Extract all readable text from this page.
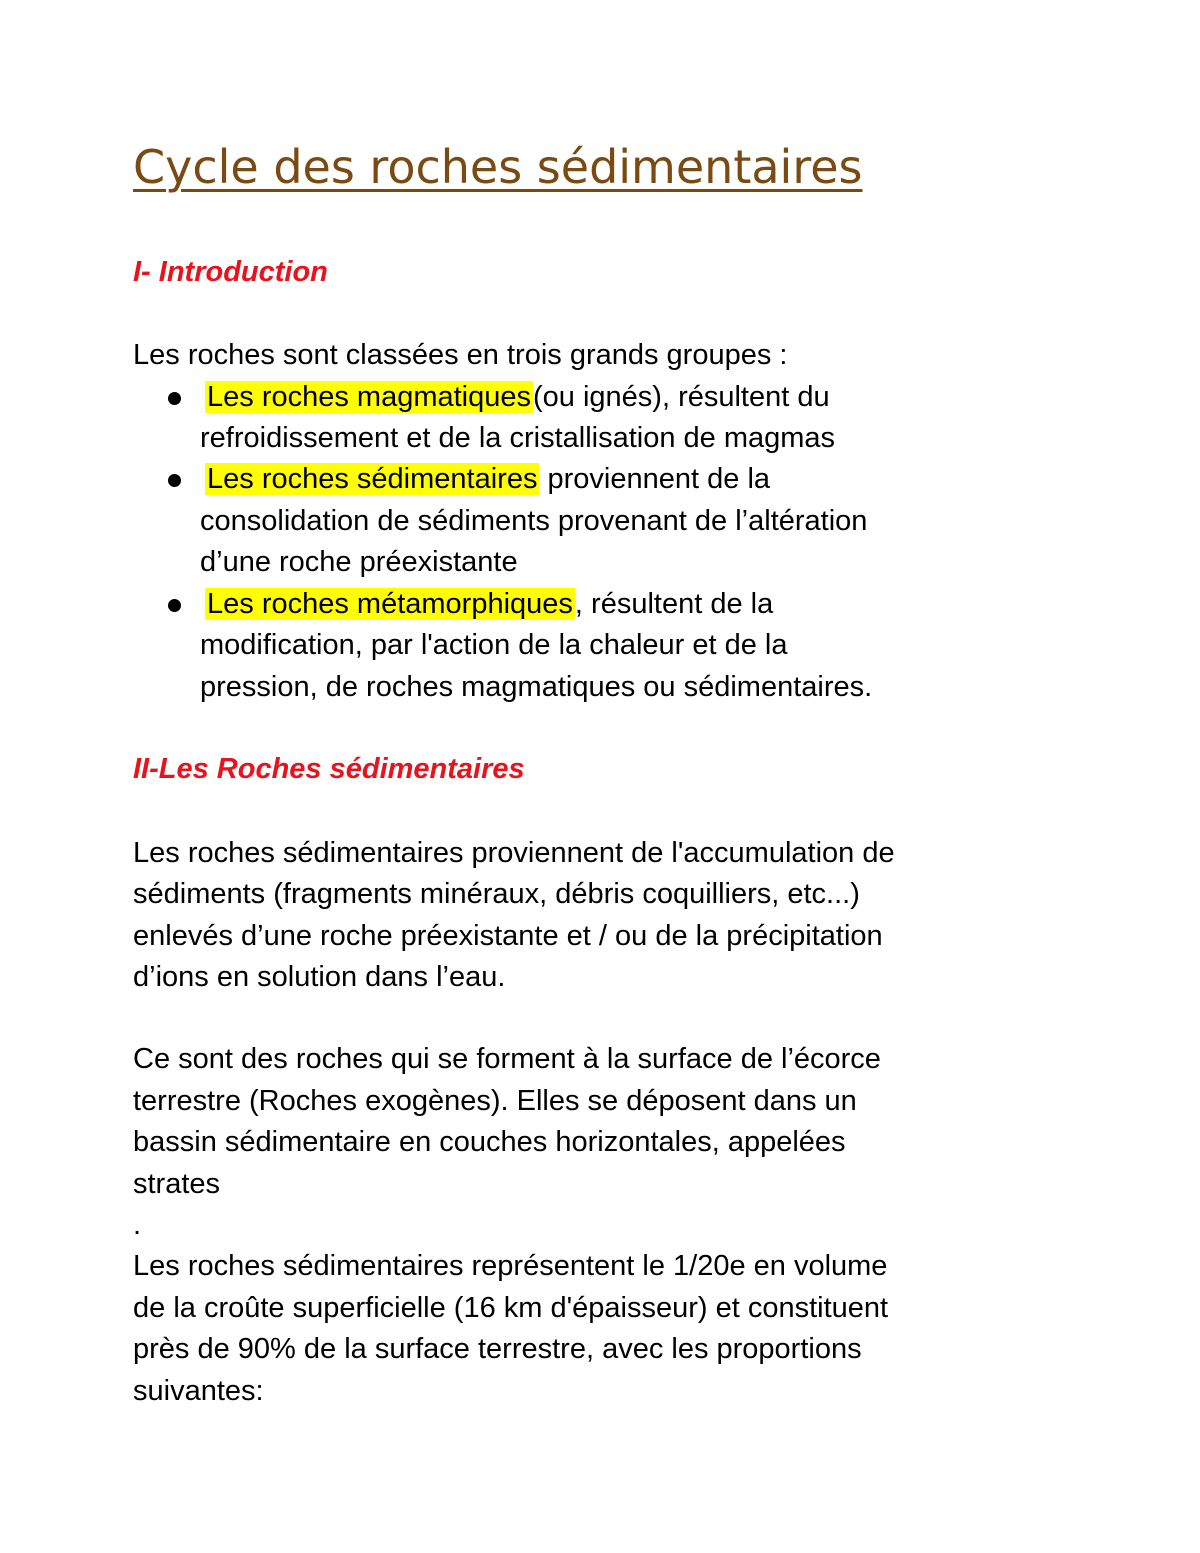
Cycle des roches sédimentaires
I- Introduction

Les roches sont classées en trois grands groupes :

Les roches magmatiques(ou ignés), résultent du

refroidissement et de la cristallisation de magmas

Les roches sédimentaires proviennent de la

consolidation de sédiments provenant de l’altération

d’une roche préexistante

Les roches métamorphiques, résultent de la

modification, par l'action de la chaleur et de la

pression, de roches magmatiques ou sédimentaires.

II-Les Roches sédimentaires

Les roches sédimentaires proviennent de l'accumulation de

sédiments (fragments minéraux, débris coquilliers, etc...)

enlevés d’une roche préexistante et / ou de la précipitation

d’ions en solution dans l’eau.

Ce sont des roches qui se forment à la surface de l’écorce

terrestre (Roches exogènes). Elles se déposent dans un

bassin sédimentaire en couches horizontales, appelées

strates

.

Les roches sédimentaires représentent le 1/20e en volume

de la croûte superficielle (16 km d'épaisseur) et constituent

près de 90% de la surface terrestre, avec les proportions

suivantes:
